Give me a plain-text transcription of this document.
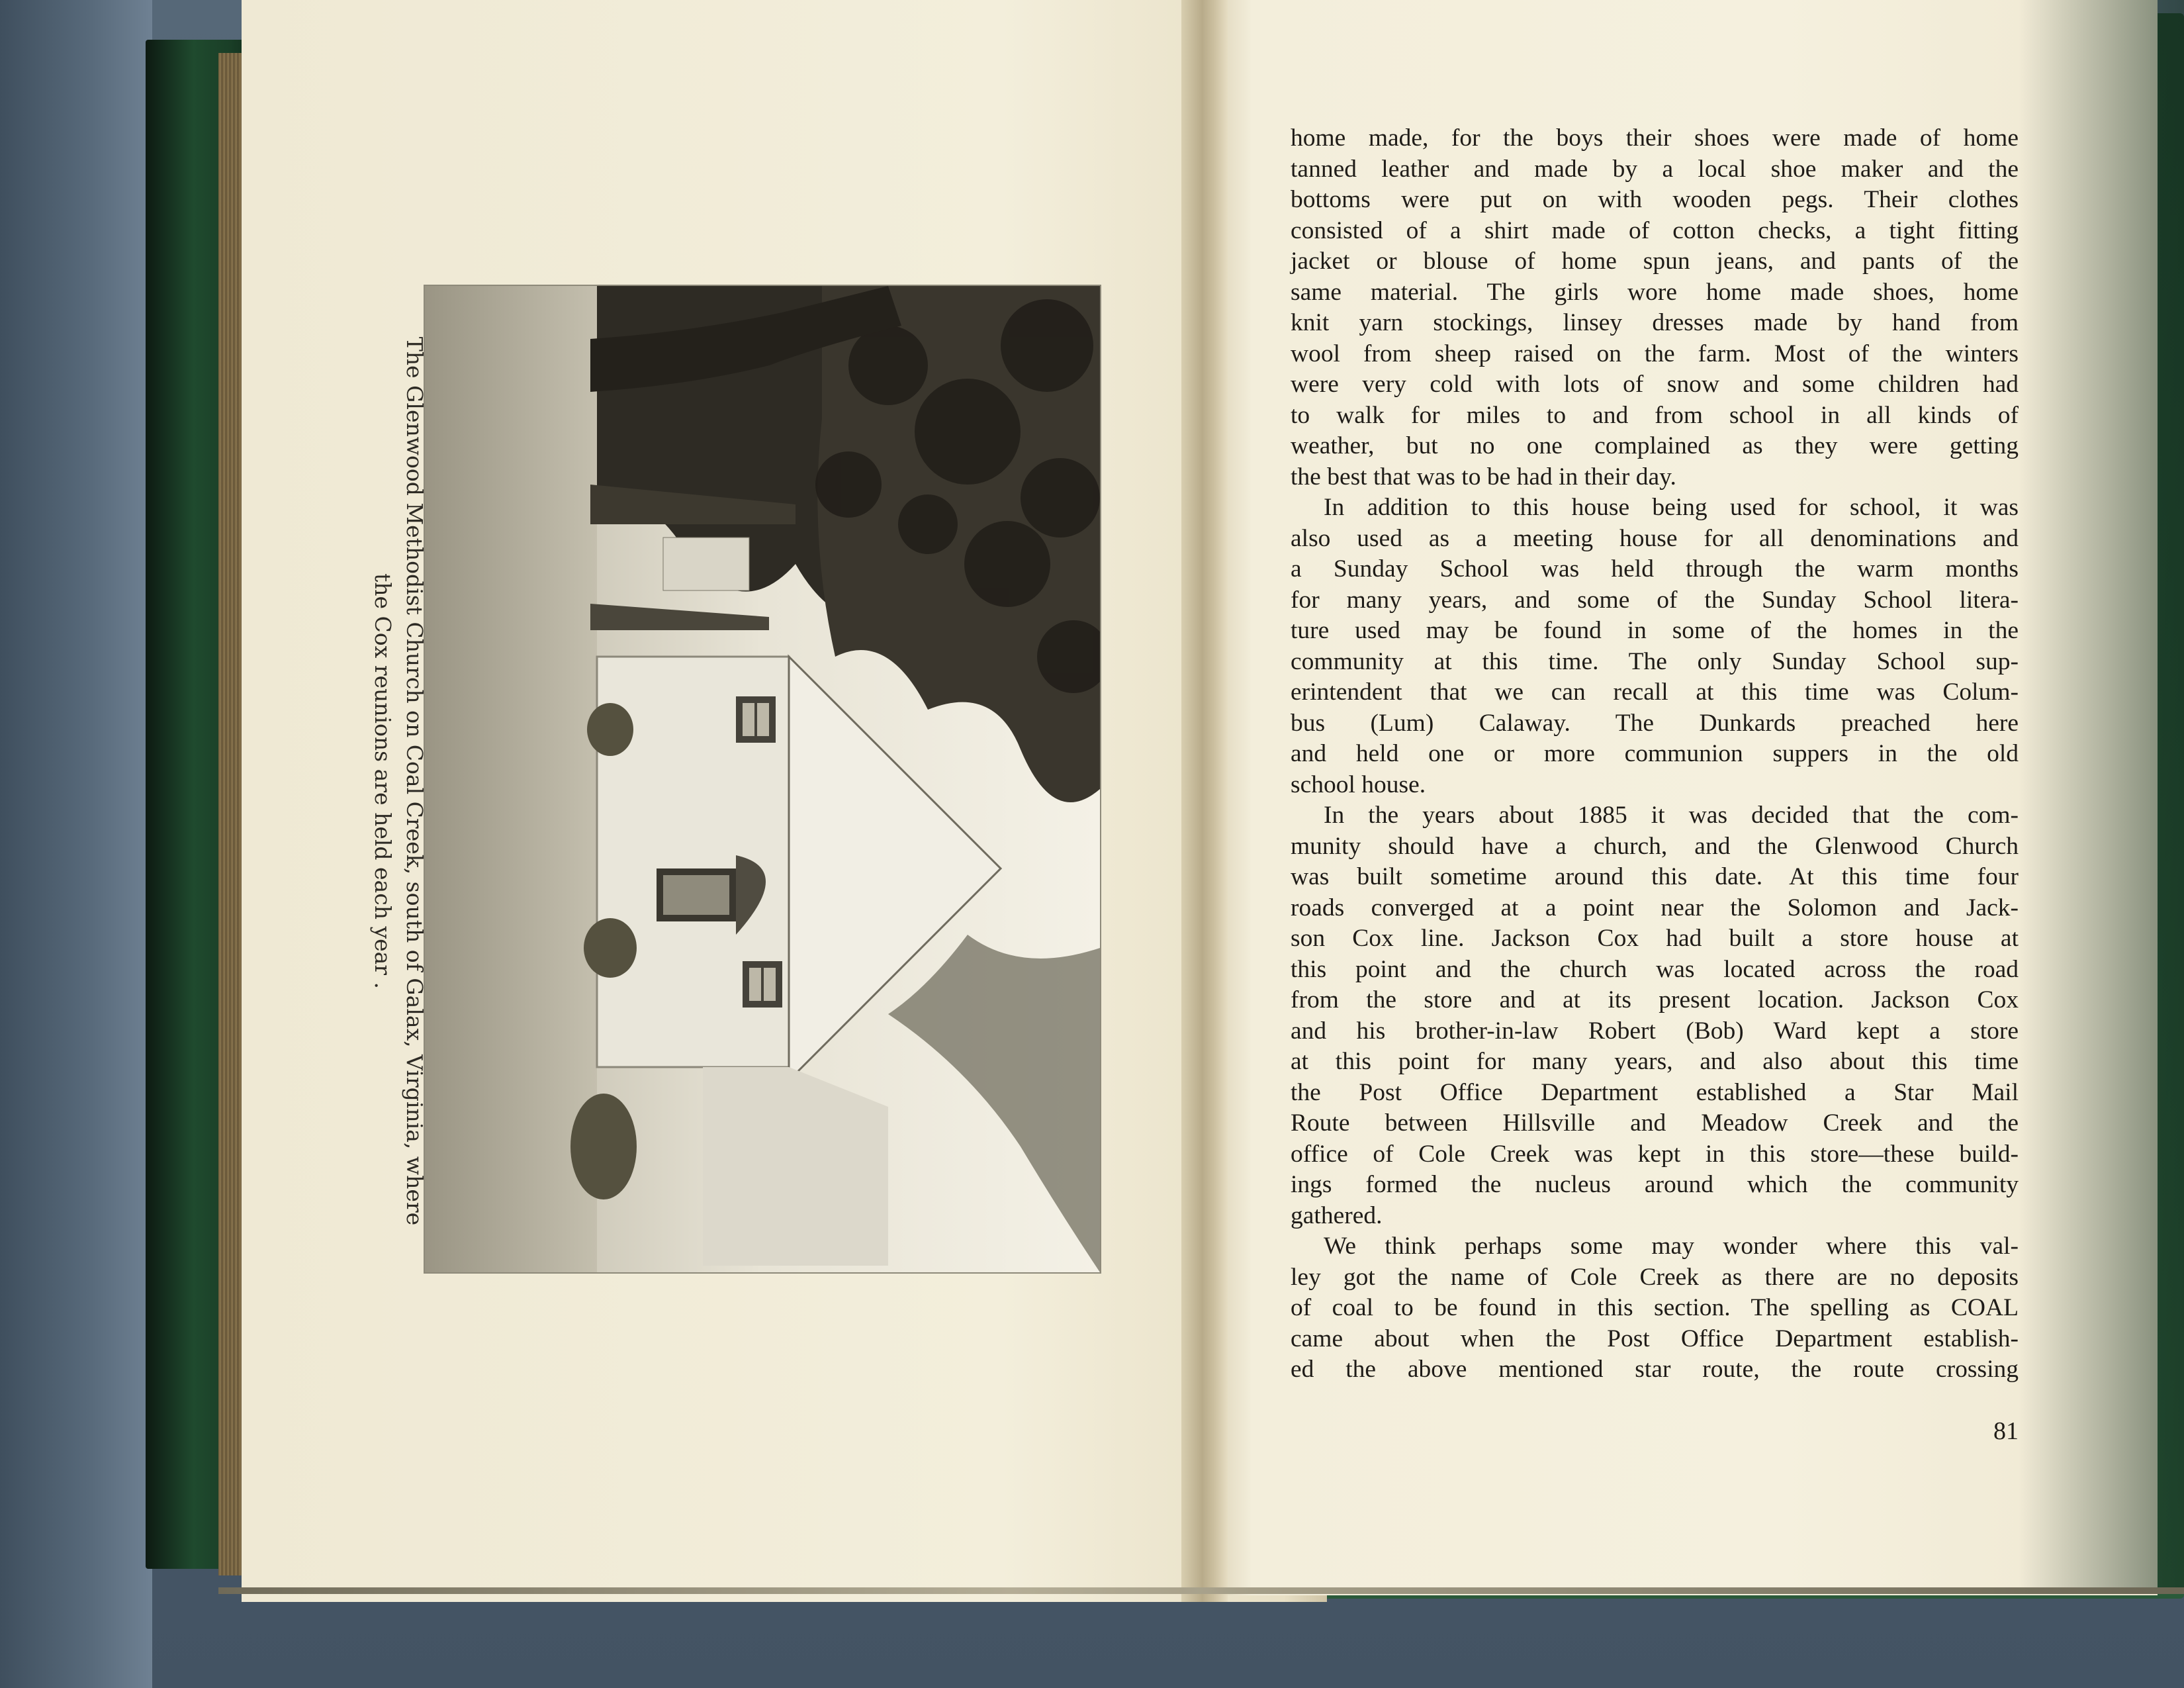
The Glenwood Methodist Church on Coal Creek, south of Galax, Virginia, where
the Cox reunions are held each year .
home made, for the boys their shoes were made of home
tanned leather and made by a local shoe maker and the
bottoms were put on with wooden pegs. Their clothes
consisted of a shirt made of cotton checks, a tight fitting
jacket or blouse of home spun jeans, and pants of the
same material. The girls wore home made shoes, home
knit yarn stockings, linsey dresses made by hand from
wool from sheep raised on the farm. Most of the winters
were very cold with lots of snow and some children had
to walk for miles to and from school in all kinds of
weather, but no one complained as they were getting
the best that was to be had in their day.
In addition to this house being used for school, it was
also used as a meeting house for all denominations and
a Sunday School was held through the warm months
for many years, and some of the Sunday School litera-
ture used may be found in some of the homes in the
community at this time. The only Sunday School sup-
erintendent that we can recall at this time was Colum-
bus (Lum) Calaway. The Dunkards preached here
and held one or more communion suppers in the old
school house.
In the years about 1885 it was decided that the com-
munity should have a church, and the Glenwood Church
was built sometime around this date. At this time four
roads converged at a point near the Solomon and Jack-
son Cox line. Jackson Cox had built a store house at
this point and the church was located across the road
from the store and at its present location. Jackson Cox
and his brother-in-law Robert (Bob) Ward kept a store
at this point for many years, and also about this time
the Post Office Department established a Star Mail
Route between Hillsville and Meadow Creek and the
office of Cole Creek was kept in this store—these build-
ings formed the nucleus around which the community
gathered.
We think perhaps some may wonder where this val-
ley got the name of Cole Creek as there are no deposits
of coal to be found in this section. The spelling as COAL
came about when the Post Office Department establish-
ed the above mentioned star route, the route crossing
81
